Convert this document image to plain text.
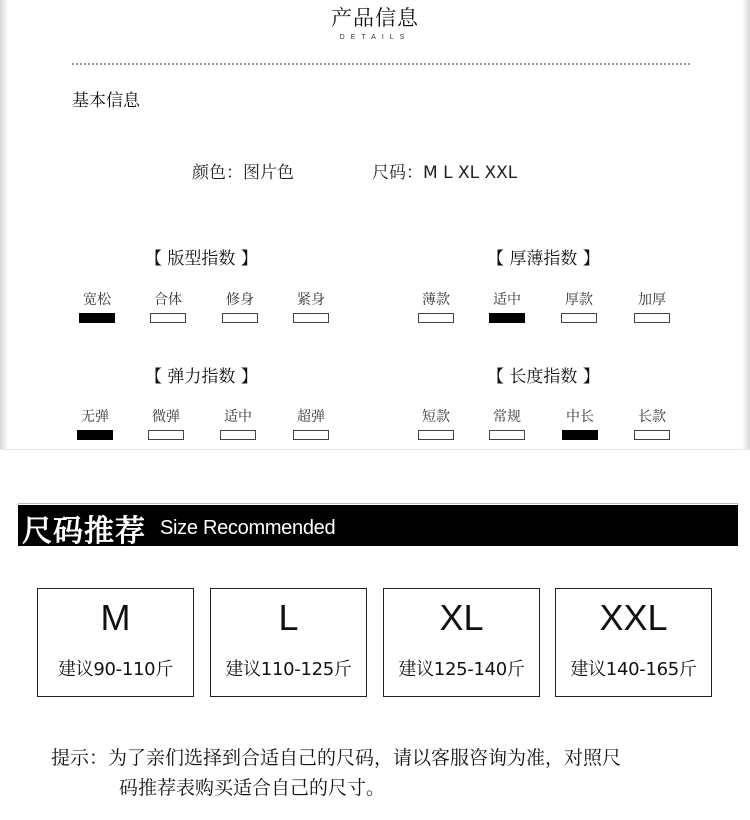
产品信息
DETAILS
基本信息
颜色：图片色	尺码：M L XL XXL
【 版型指数 】
宽松	合体	修身	紧身
【 厚薄指数 】
薄款	适中	厚款	加厚
【 弹力指数 】
无弹	微弹	适中	超弹
【 长度指数 】
短款	常规	中长	长款
尺码推荐 Size Recommended
M
建议90-110斤
L
建议110-125斤
XL
建议125-140斤
XXL
建议140-165斤
提示：为了亲们选择到合适自己的尺码，请以客服咨询为准，对照尺
码推荐表购买适合自己的尺寸。
